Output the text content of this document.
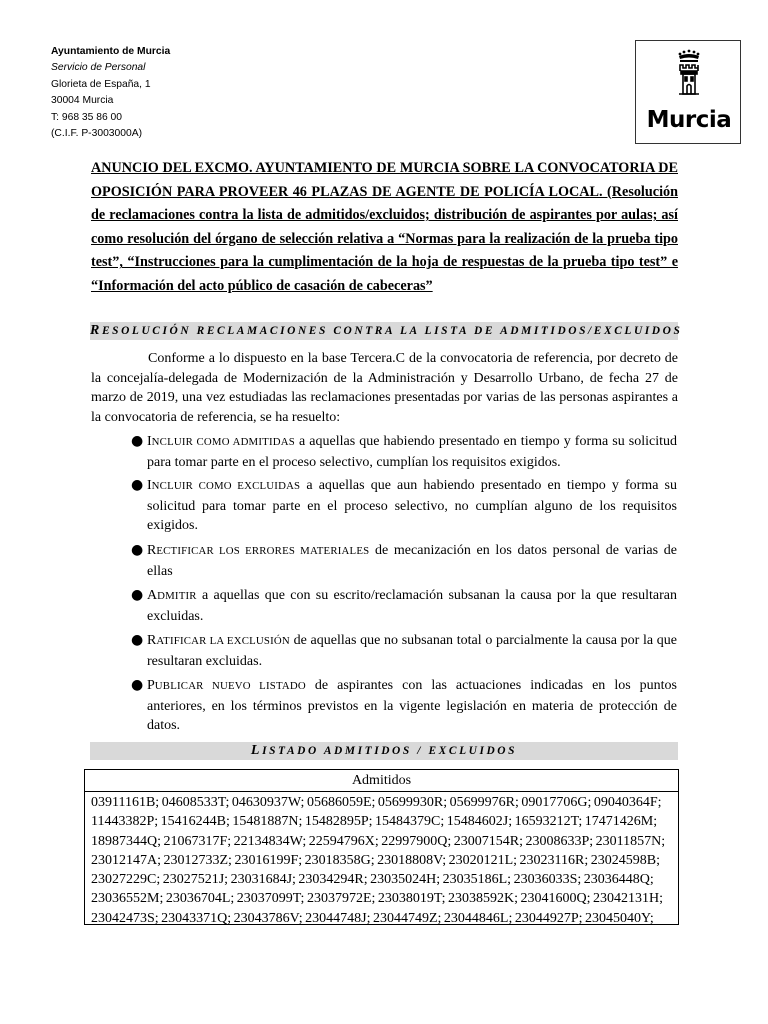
Ayuntamiento de Murcia
Servicio de Personal
Glorieta de España, 1
30004 Murcia
T: 968 35 86 00
(C.I.F. P-3003000A)
Murcia
ANUNCIO DEL EXCMO. AYUNTAMIENTO DE MURCIA SOBRE LA CONVOCATORIA DE OPOSICIÓN PARA PROVEER 46 PLAZAS DE AGENTE DE POLICÍA LOCAL. (Resolución de reclamaciones contra la lista de admitidos/excluidos; distribución de aspirantes por aulas; así como resolución del órgano de selección relativa a “Normas para la realización de la prueba tipo test”, “Instrucciones para la cumplimentación de la hoja de respuestas de la prueba tipo test” e “Información del acto público de casación de cabeceras”
RESOLUCIÓN RECLAMACIONES CONTRA LA LISTA DE ADMITIDOS/EXCLUIDOS
Conforme a lo dispuesto en la base Tercera.C de la convocatoria de referencia, por decreto de la concejalía-delegada de Modernización de la Administración y Desarrollo Urbano, de fecha 27 de marzo de 2019, una vez estudiadas las reclamaciones presentadas por varias de las personas aspirantes a la convocatoria de referencia, se ha resuelto:
● INCLUIR COMO ADMITIDAS a aquellas que habiendo presentado en tiempo y forma su solicitud para tomar parte en el proceso selectivo, cumplían los requisitos exigidos.
● INCLUIR COMO EXCLUIDAS a aquellas que aun habiendo presentado en tiempo y forma su solicitud para tomar parte en el proceso selectivo, no cumplían alguno de los requisitos exigidos.
● RECTIFICAR LOS ERRORES MATERIALES de mecanización en los datos personal de varias de ellas
● ADMITIR a aquellas que con su escrito/reclamación subsanan la causa por la que resultaran excluidas.
● RATIFICAR LA EXCLUSIÓN de aquellas que no subsanan total o parcialmente la causa por la que resultaran excluidas.
● PUBLICAR NUEVO LISTADO de aspirantes con las actuaciones indicadas en los puntos anteriores, en los términos previstos en la vigente legislación en materia de protección de datos.
LISTADO ADMITIDOS / EXCLUIDOS
Admitidos
03911161B; 04608533T; 04630937W; 05686059E; 05699930R; 05699976R; 09017706G; 09040364F;
11443382P; 15416244B; 15481887N; 15482895P; 15484379C; 15484602J; 16593212T; 17471426M;
18987344Q; 21067317F; 22134834W; 22594796X; 22997900Q; 23007154R; 23008633P; 23011857N;
23012147A; 23012733Z; 23016199F; 23018358G; 23018808V; 23020121L; 23023116R; 23024598B;
23027229C; 23027521J; 23031684J; 23034294R; 23035024H; 23035186L; 23036033S; 23036448Q;
23036552M; 23036704L; 23037099T; 23037972E; 23038019T; 23038592K; 23041600Q; 23042131H;
23042473S; 23043371Q; 23043786V; 23044748J; 23044749Z; 23044846L; 23044927P; 23045040Y;
